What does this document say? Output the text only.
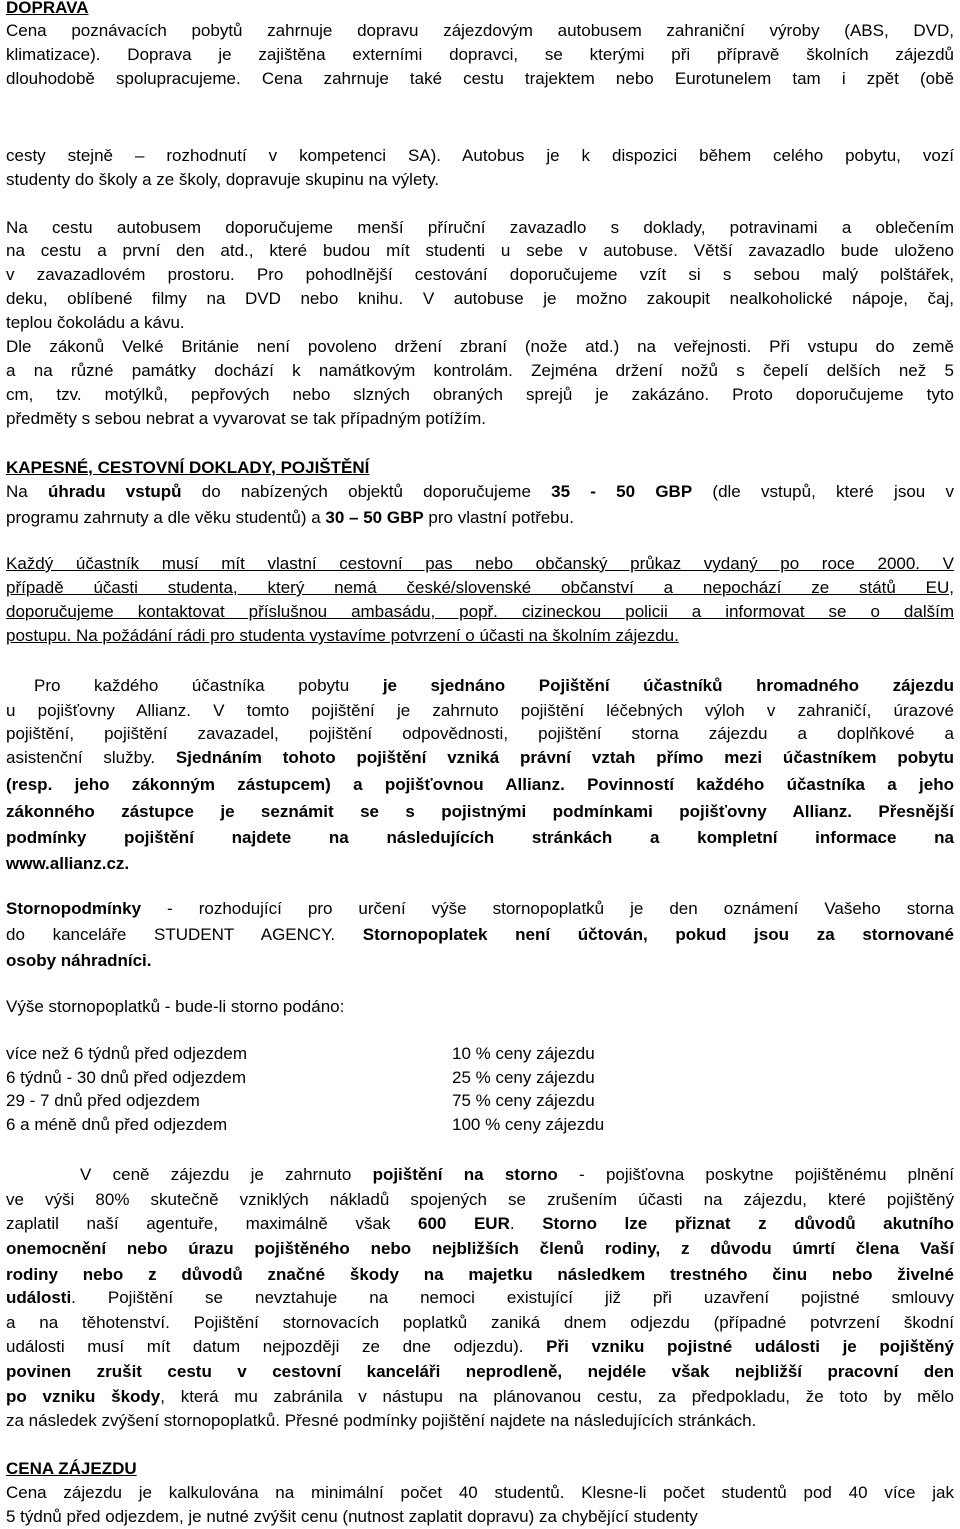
DOPRAVA
Cena poznávacích pobytů zahrnuje dopravu zájezdovým autobusem zahraniční výroby (ABS, DVD,
klimatizace). Doprava je zajištěna externími dopravci, se kterými při přípravě školních zájezdů
dlouhodobě spolupracujeme. Cena zahrnuje také cestu trajektem nebo Eurotunelem tam i zpět (obě
cesty stejně – rozhodnutí v kompetenci SA). Autobus je k dispozici během celého pobytu, vozí
studenty do školy a ze školy, dopravuje skupinu na výlety.
Na cestu autobusem doporučujeme menší příruční zavazadlo s doklady, potravinami a oblečením
na cestu a první den atd., které budou mít studenti u sebe v autobuse. Větší zavazadlo bude uloženo
v zavazadlovém prostoru. Pro pohodlnější cestování doporučujeme vzít si s sebou malý polštářek,
deku, oblíbené filmy na DVD nebo knihu. V autobuse je možno zakoupit nealkoholické nápoje, čaj,
teplou čokoládu a kávu.
Dle zákonů Velké Británie není povoleno držení zbraní (nože atd.) na veřejnosti. Při vstupu do země
a na různé památky dochází k namátkovým kontrolám. Zejména držení nožů s čepelí delších než 5
cm, tzv. motýlků, pepřových nebo slzných obraných sprejů je zakázáno. Proto doporučujeme tyto
předměty s sebou nebrat a vyvarovat se tak případným potížím.
KAPESNÉ, CESTOVNÍ DOKLADY, POJIŠTĚNÍ
Na úhradu vstupů do nabízených objektů doporučujeme 35 - 50 GBP (dle vstupů, které jsou v
programu zahrnuty a dle věku studentů) a 30 – 50 GBP pro vlastní potřebu.
Každý účastník musí mít vlastní cestovní pas nebo občanský průkaz vydaný po roce 2000. V
případě účasti studenta, který nemá české/slovenské občanství a nepochází ze států EU,
doporučujeme kontaktovat příslušnou ambasádu, popř. cizineckou policii a informovat se o dalším
postupu. Na požádání rádi pro studenta vystavíme potvrzení o účasti na školním zájezdu.
Pro každého účastníka pobytu je sjednáno Pojištění účastníků hromadného zájezdu
u pojišťovny Allianz. V tomto pojištění je zahrnuto pojištění léčebných výloh v zahraničí, úrazové
pojištění, pojištění zavazadel, pojištění odpovědnosti, pojištění storna zájezdu a doplňkové a
asistenční služby. Sjednáním tohoto pojištění vzniká právní vztah přímo mezi účastníkem pobytu
(resp. jeho zákonným zástupcem) a pojišťovnou Allianz. Povinností každého účastníka a jeho
zákonného zástupce je seznámit se s pojistnými podmínkami pojišťovny Allianz. Přesnější
podmínky pojištění najdete na následujících stránkách a kompletní informace na
www.allianz.cz.
Stornopodmínky - rozhodující pro určení výše stornopoplatků je den oznámení Vašeho storna
do kanceláře STUDENT AGENCY. Stornopoplatek není účtován, pokud jsou za stornované
osoby náhradníci.
Výše stornopoplatků - bude-li storno podáno:
více než 6 týdnů před odjezdem	10 % ceny zájezdu
6 týdnů - 30 dnů před odjezdem	25 % ceny zájezdu
29 - 7 dnů před odjezdem	75 % ceny zájezdu
6 a méně dnů před odjezdem	100 % ceny zájezdu
V ceně zájezdu je zahrnuto pojištění na storno - pojišťovna poskytne pojištěnému plnění
ve výši 80% skutečně vzniklých nákladů spojených se zrušením účasti na zájezdu, které pojištěný
zaplatil naší agentuře, maximálně však 600 EUR. Storno lze přiznat z důvodů akutního
onemocnění nebo úrazu pojištěného nebo nejbližších členů rodiny, z důvodu úmrtí člena Vaší
rodiny nebo z důvodů značné škody na majetku následkem trestného činu nebo živelné
události. Pojištění se nevztahuje na nemoci existující již při uzavření pojistné smlouvy
a na těhotenství. Pojištění stornovacích poplatků zaniká dnem odjezdu (případné potvrzení škodní
události musí mít datum nejpozději ze dne odjezdu). Při vzniku pojistné události je pojištěný
povinen zrušit cestu v cestovní kanceláři neprodleně, nejdéle však nejbližší pracovní den
po vzniku škody, která mu zabránila v nástupu na plánovanou cestu, za předpokladu, že toto by mělo
za následek zvýšení stornopoplatků. Přesné podmínky pojištění najdete na následujících stránkách.
CENA ZÁJEZDU
Cena zájezdu je kalkulována na minimální počet 40 studentů. Klesne-li počet studentů pod 40 více jak
5 týdnů před odjezdem, je nutné zvýšit cenu (nutnost zaplatit dopravu) za chybějící studenty
